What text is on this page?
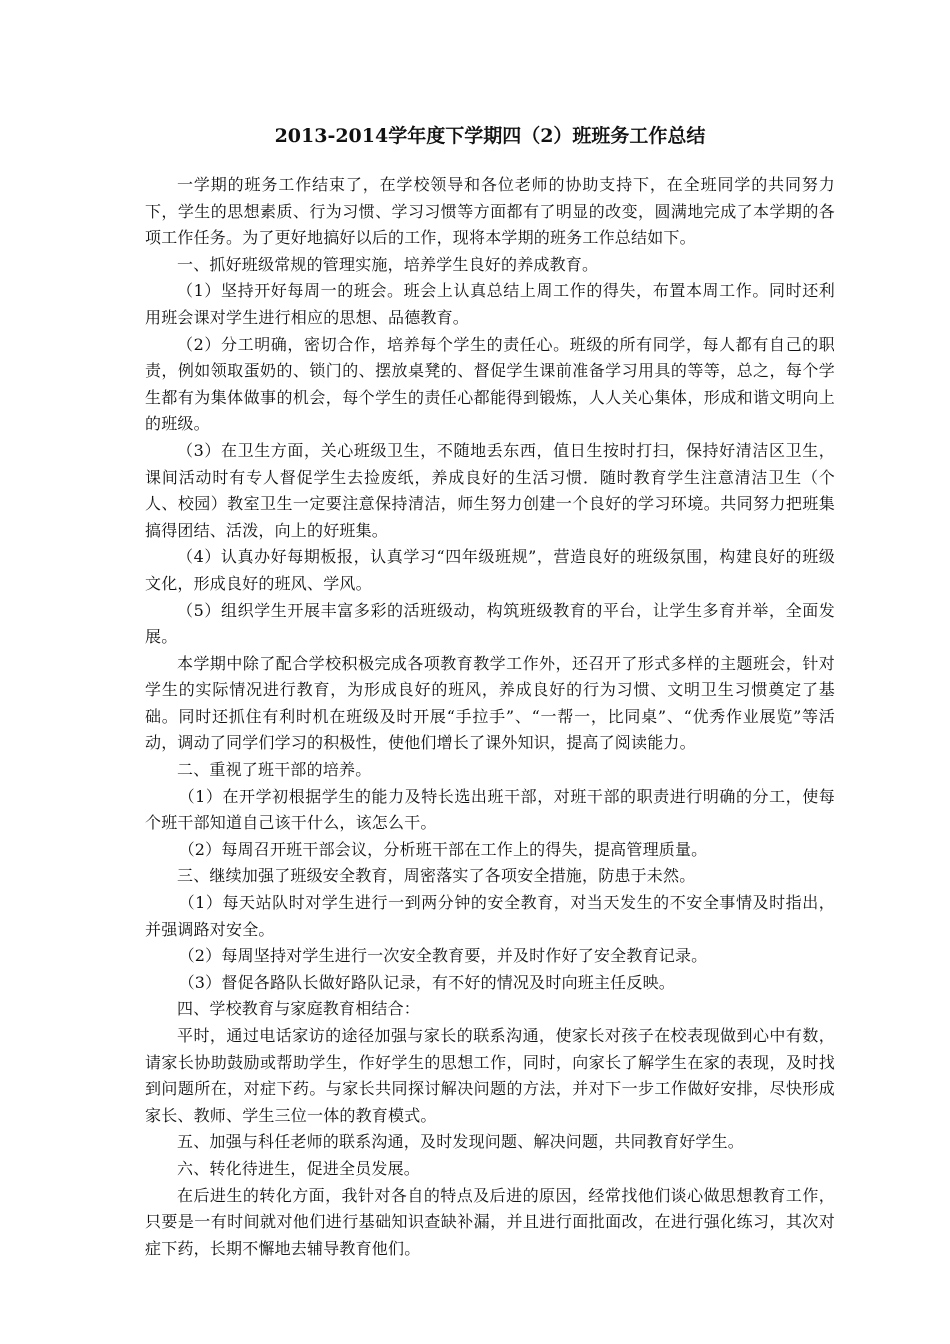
2013-2014学年度下学期四（2）班班务工作总结

一学期的班务工作结束了，在学校领导和各位老师的协助支持下，在全班同学的共同努力下，学生的思想素质、行为习惯、学习习惯等方面都有了明显的改变，圆满地完成了本学期的各项工作任务。为了更好地搞好以后的工作，现将本学期的班务工作总结如下。

一、抓好班级常规的管理实施，培养学生良好的养成教育。

（1）坚持开好每周一的班会。班会上认真总结上周工作的得失，布置本周工作。同时还利用班会课对学生进行相应的思想、品德教育。

（2）分工明确，密切合作，培养每个学生的责任心。班级的所有同学，每人都有自己的职责，例如领取蛋奶的、锁门的、摆放桌凳的、督促学生课前准备学习用具的等等，总之，每个学生都有为集体做事的机会，每个学生的责任心都能得到锻炼，人人关心集体，形成和谐文明向上的班级。

（3）在卫生方面，关心班级卫生，不随地丢东西，值日生按时打扫，保持好清洁区卫生，课间活动时有专人督促学生去捡废纸，养成良好的生活习惯．随时教育学生注意清洁卫生（个人、校园）教室卫生一定要注意保持清洁，师生努力创建一个良好的学习环境。共同努力把班集搞得团结、活泼，向上的好班集。

（4）认真办好每期板报，认真学习“四年级班规”，营造良好的班级氛围，构建良好的班级文化，形成良好的班风、学风。

（5）组织学生开展丰富多彩的活班级动，构筑班级教育的平台，让学生多育并举，全面发展。

本学期中除了配合学校积极完成各项教育教学工作外，还召开了形式多样的主题班会，针对学生的实际情况进行教育，为形成良好的班风，养成良好的行为习惯、文明卫生习惯奠定了基础。同时还抓住有利时机在班级及时开展“手拉手”、“一帮一，比同桌”、“优秀作业展览”等活动，调动了同学们学习的积极性，使他们增长了课外知识，提高了阅读能力。

二、重视了班干部的培养。

（1）在开学初根据学生的能力及特长选出班干部，对班干部的职责进行明确的分工，使每个班干部知道自己该干什么，该怎么干。

（2）每周召开班干部会议，分析班干部在工作上的得失，提高管理质量。

三、继续加强了班级安全教育，周密落实了各项安全措施，防患于未然。

（1）每天站队时对学生进行一到两分钟的安全教育，对当天发生的不安全事情及时指出，并强调路对安全。

（2）每周坚持对学生进行一次安全教育要，并及时作好了安全教育记录。

（3）督促各路队长做好路队记录，有不好的情况及时向班主任反映。

四、学校教育与家庭教育相结合：

平时，通过电话家访的途径加强与家长的联系沟通，使家长对孩子在校表现做到心中有数，请家长协助鼓励或帮助学生，作好学生的思想工作，同时，向家长了解学生在家的表现，及时找到问题所在，对症下药。与家长共同探讨解决问题的方法，并对下一步工作做好安排，尽快形成家长、教师、学生三位一体的教育模式。

五、加强与科任老师的联系沟通，及时发现问题、解决问题，共同教育好学生。

六、转化待进生，促进全员发展。

在后进生的转化方面，我针对各自的特点及后进的原因，经常找他们谈心做思想教育工作，只要是一有时间就对他们进行基础知识查缺补漏，并且进行面批面改，在进行强化练习，其次对症下药，长期不懈地去辅导教育他们。
